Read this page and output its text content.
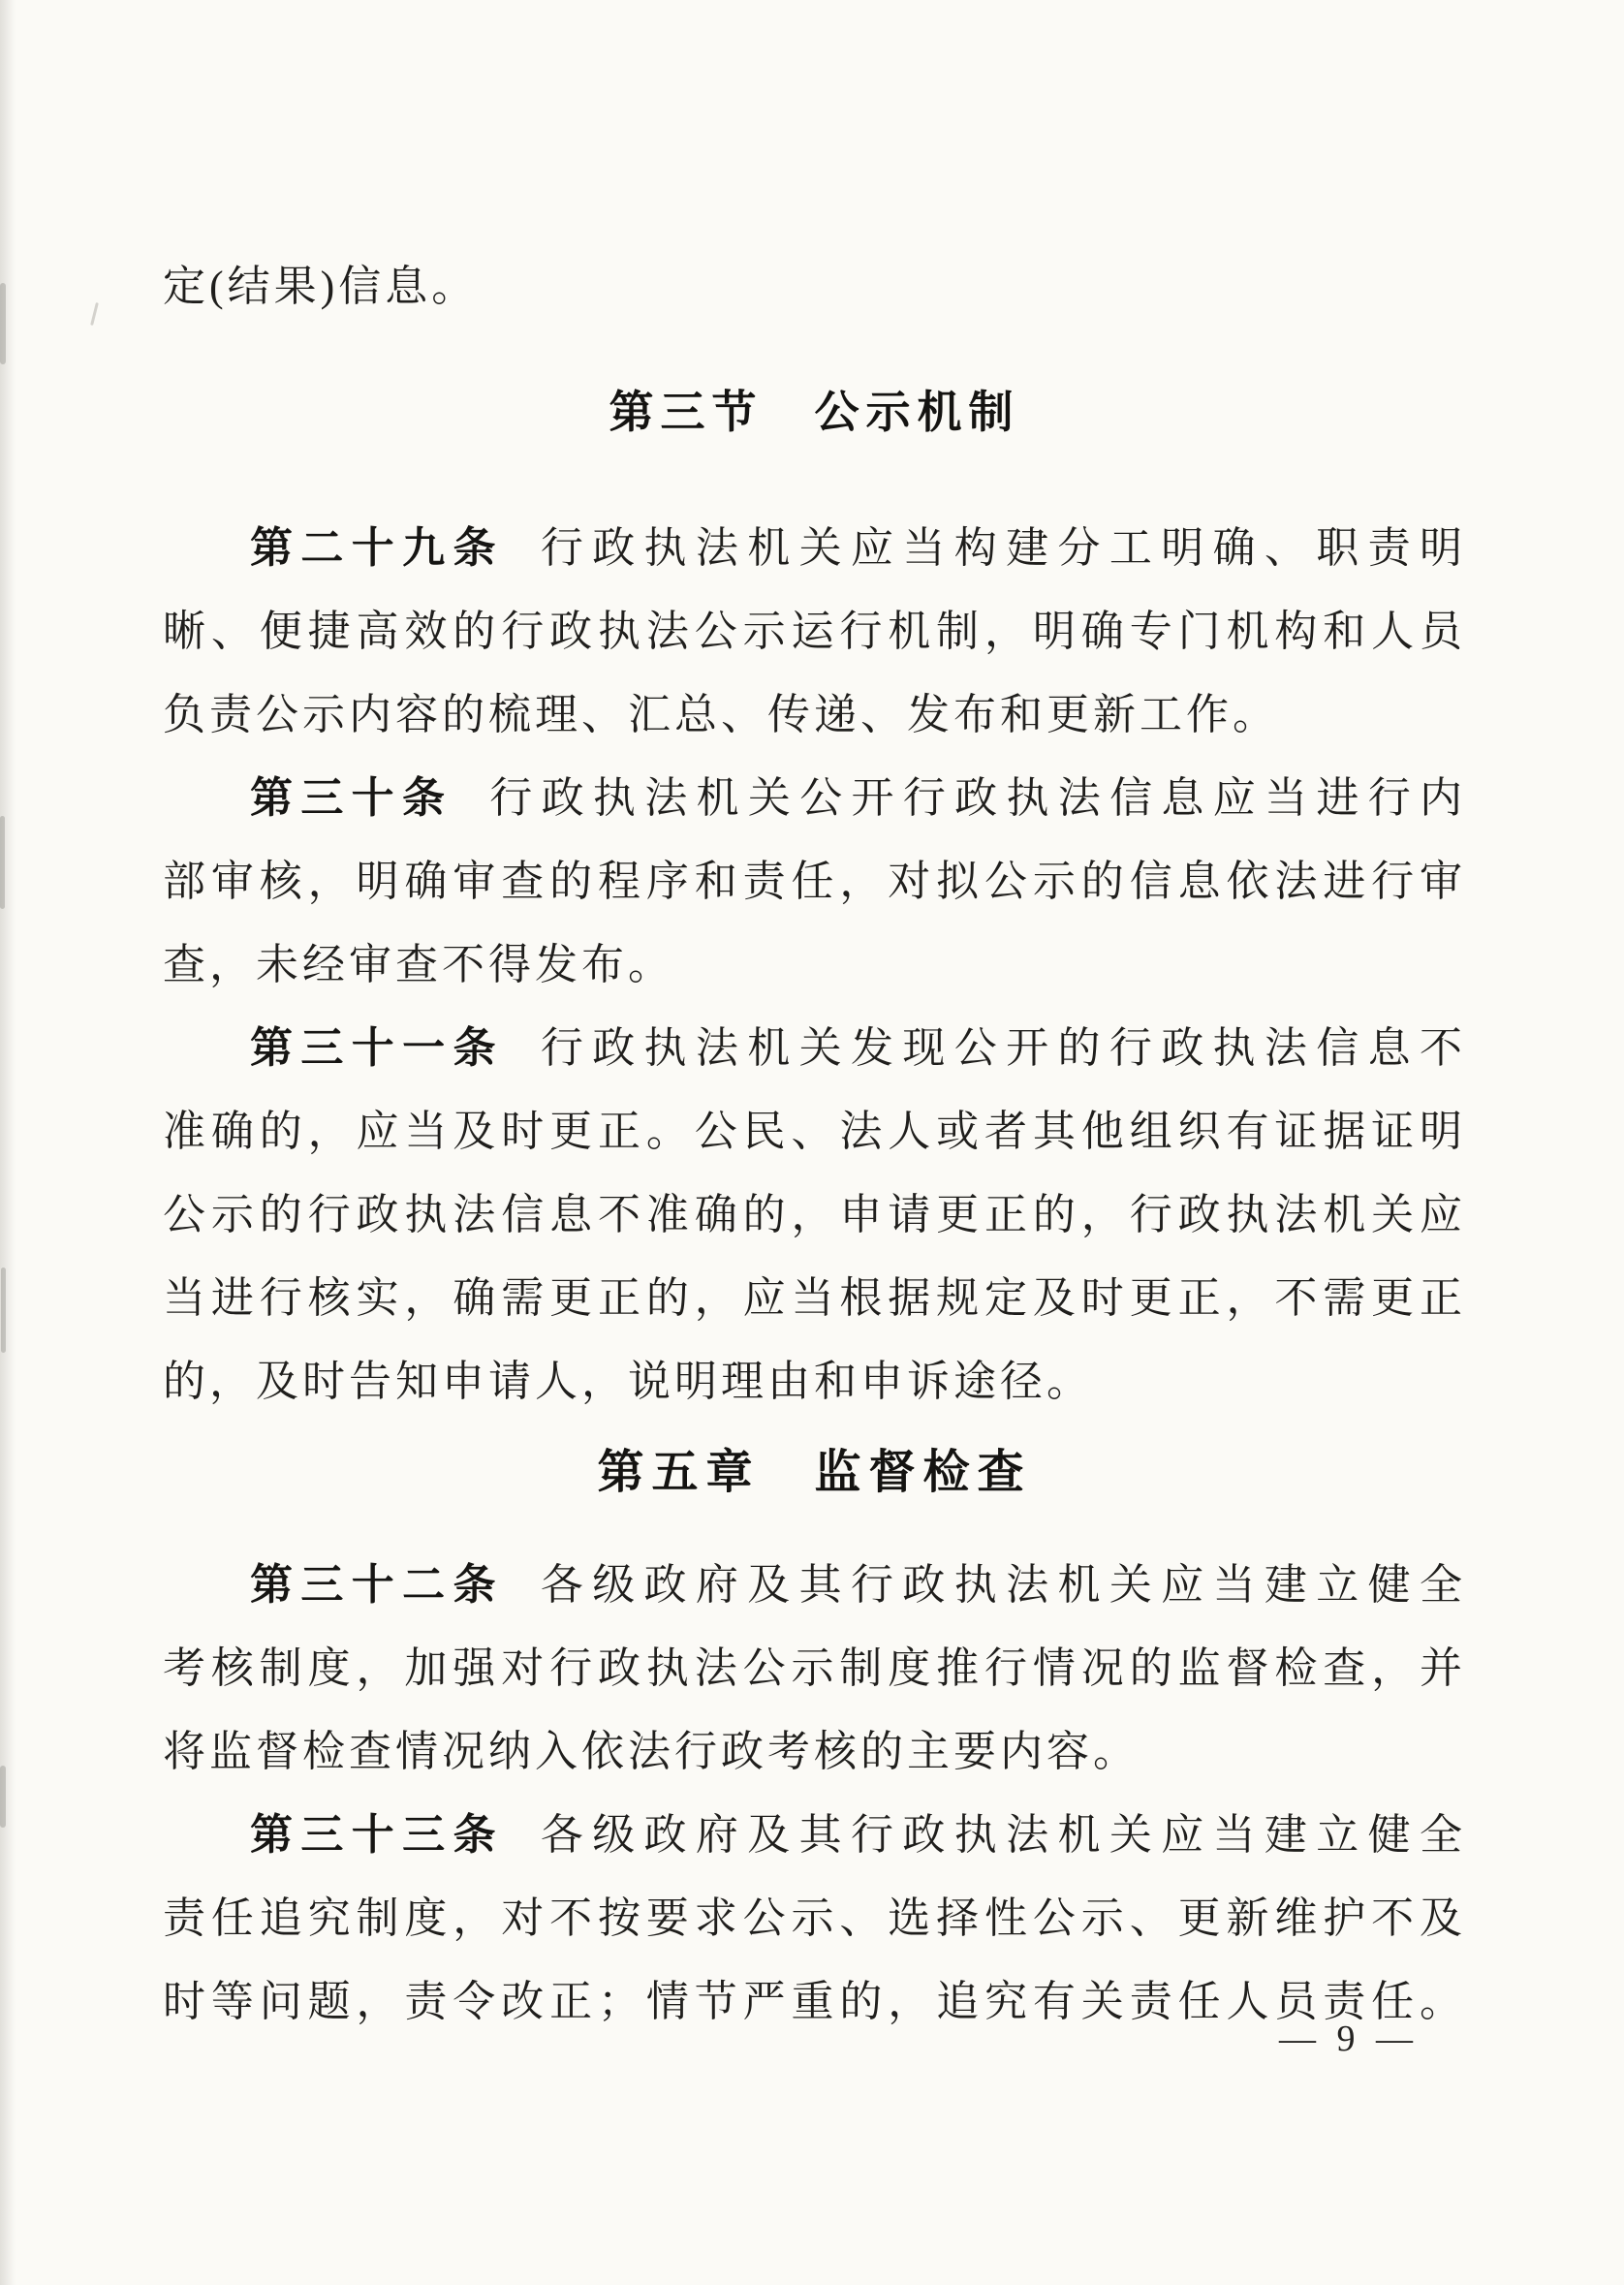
定(结果)信息。

第三节　公示机制

第二十九条 行政执法机关应当构建分工明确、职责明

晰、便捷高效的行政执法公示运行机制，明确专门机构和人员

负责公示内容的梳理、汇总、传递、发布和更新工作。

第三十条 行政执法机关公开行政执法信息应当进行内

部审核，明确审查的程序和责任，对拟公示的信息依法进行审

查，未经审查不得发布。

第三十一条 行政执法机关发现公开的行政执法信息不

准确的，应当及时更正。公民、法人或者其他组织有证据证明

公示的行政执法信息不准确的，申请更正的，行政执法机关应

当进行核实，确需更正的，应当根据规定及时更正，不需更正

的，及时告知申请人，说明理由和申诉途径。

第五章　监督检查

第三十二条 各级政府及其行政执法机关应当建立健全

考核制度，加强对行政执法公示制度推行情况的监督检查，并

将监督检查情况纳入依法行政考核的主要内容。

第三十三条 各级政府及其行政执法机关应当建立健全

责任追究制度，对不按要求公示、选择性公示、更新维护不及

时等问题，责令改正；情节严重的，追究有关责任人员责任。

— 9 —
